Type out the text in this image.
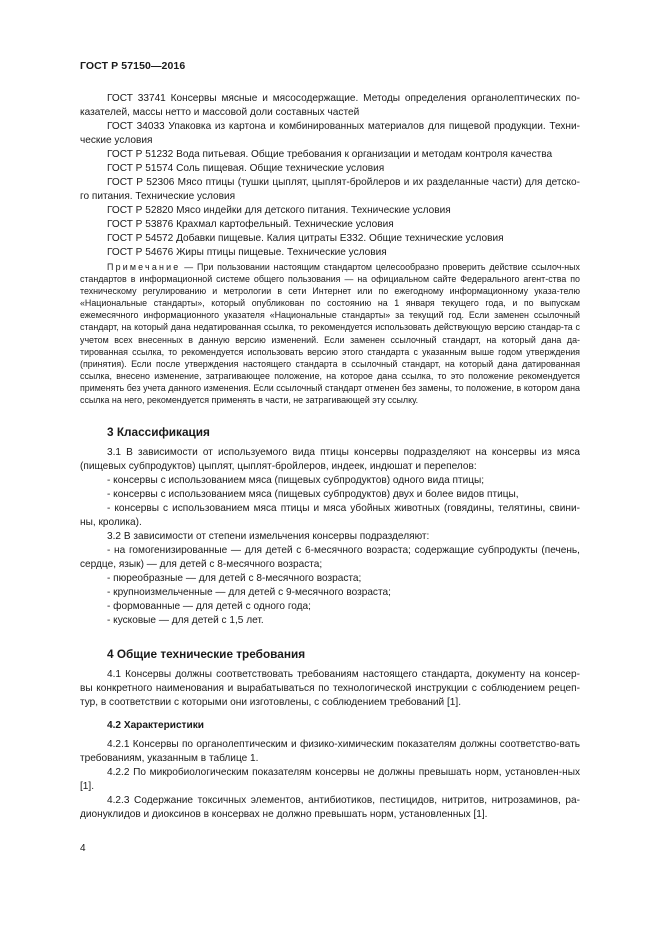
ГОСТ Р 57150—2016

ГОСТ 33741 Консервы мясные и мясосодержащие. Методы определения органолептических по-казателей, массы нетто и массовой доли составных частей

ГОСТ 34033 Упаковка из картона и комбинированных материалов для пищевой продукции. Техни-ческие условия

ГОСТ Р 51232 Вода питьевая. Общие требования к организации и методам контроля качества

ГОСТ Р 51574 Соль пищевая. Общие технические условия

ГОСТ Р 52306 Мясо птицы (тушки цыплят, цыплят-бройлеров и их разделанные части) для детско-го питания. Технические условия

ГОСТ Р 52820 Мясо индейки для детского питания. Технические условия

ГОСТ Р 53876 Крахмал картофельный. Технические условия

ГОСТ Р 54572 Добавки пищевые. Калия цитраты Е332. Общие технические условия

ГОСТ Р 54676 Жиры птицы пищевые. Технические условия

Примечание — При пользовании настоящим стандартом целесообразно проверить действие ссылоч-ных стандартов в информационной системе общего пользования — на официальном сайте Федерального агент-ства по техническому регулированию и метрологии в сети Интернет или по ежегодному информационному указа-телю «Национальные стандарты», который опубликован по состоянию на 1 января текущего года, и по выпускам ежемесячного информационного указателя «Национальные стандарты» за текущий год. Если заменен ссылочный стандарт, на который дана недатированная ссылка, то рекомендуется использовать действующую версию стандар-та с учетом всех внесенных в данную версию изменений. Если заменен ссылочный стандарт, на который дана да-тированная ссылка, то рекомендуется использовать версию этого стандарта с указанным выше годом утверждения (принятия). Если после утверждения настоящего стандарта в ссылочный стандарт, на который дана датированная ссылка, внесено изменение, затрагивающее положение, на которое дана ссылка, то это положение рекомендуется применять без учета данного изменения. Если ссылочный стандарт отменен без замены, то положение, в котором дана ссылка на него, рекомендуется применять в части, не затрагивающей эту ссылку.

3 Классификация

3.1 В зависимости от используемого вида птицы консервы подразделяют на консервы из мяса (пищевых субпродуктов) цыплят, цыплят-бройлеров, индеек, индюшат и перепелов:

- консервы с использованием мяса (пищевых субпродуктов) одного вида птицы;

- консервы с использованием мяса (пищевых субпродуктов) двух и более видов птицы,

- консервы с использованием мяса птицы и мяса убойных животных (говядины, телятины, свини-ны, кролика).

3.2 В зависимости от степени измельчения консервы подразделяют:

- на гомогенизированные — для детей с 6-месячного возраста; содержащие субпродукты (печень, сердце, язык) — для детей с 8-месячного возраста;

- пюреобразные — для детей с 8-месячного возраста;

- крупноизмельченные — для детей с 9-месячного возраста;

- формованные — для детей с одного года;

- кусковые — для детей с 1,5 лет.

4 Общие технические требования

4.1 Консервы должны соответствовать требованиям настоящего стандарта, документу на консер-вы конкретного наименования и вырабатываться по технологической инструкции с соблюдением рецеп-тур, в соответствии с которыми они изготовлены, с соблюдением требований [1].

4.2 Характеристики

4.2.1 Консервы по органолептическим и физико-химическим показателям должны соответство-вать требованиям, указанным в таблице 1.

4.2.2 По микробиологическим показателям консервы не должны превышать норм, установлен-ных [1].

4.2.3 Содержание токсичных элементов, антибиотиков, пестицидов, нитритов, нитрозаминов, ра-дионуклидов и диоксинов в консервах не должно превышать норм, установленных [1].

4
